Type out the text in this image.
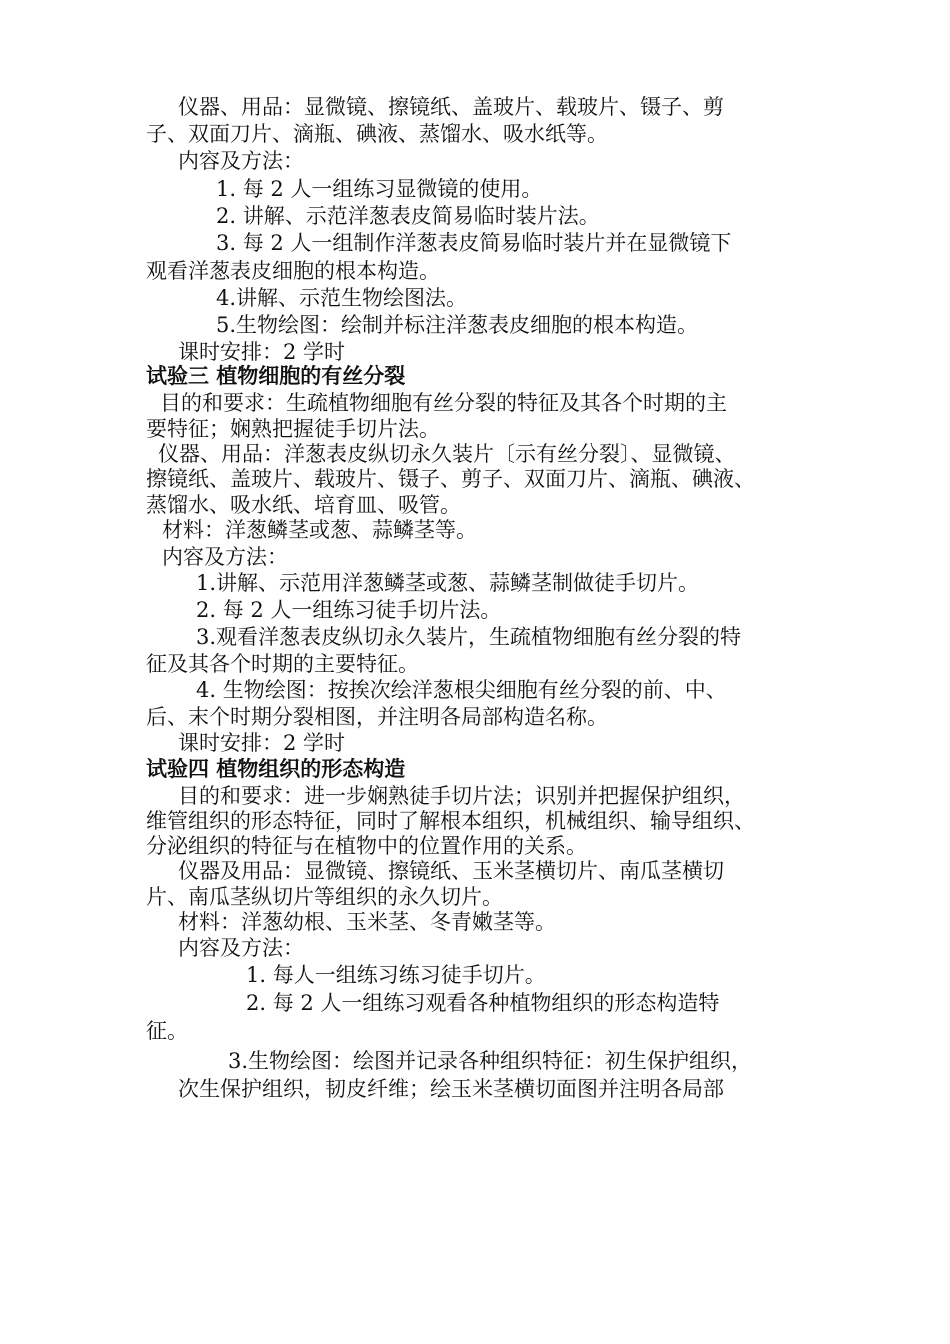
仪器、用品：显微镜、擦镜纸、盖玻片、载玻片、镊子、剪
子、双面刀片、滴瓶、碘液、蒸馏水、吸水纸等。
内容及方法：
1. 每 2 人一组练习显微镜的使用。
2. 讲解、示范洋葱表皮简易临时装片法。
3. 每 2 人一组制作洋葱表皮简易临时装片并在显微镜下
观看洋葱表皮细胞的根本构造。
4.讲解、示范生物绘图法。
5.生物绘图：绘制并标注洋葱表皮细胞的根本构造。
课时安排：2 学时
试验三 植物细胞的有丝分裂
目的和要求：生疏植物细胞有丝分裂的特征及其各个时期的主
要特征；娴熟把握徒手切片法。
仪器、用品：洋葱表皮纵切永久装片〔示有丝分裂〕、显微镜、
擦镜纸、盖玻片、载玻片、镊子、剪子、双面刀片、滴瓶、碘液、
蒸馏水、吸水纸、培育皿、吸管。
材料：洋葱鳞茎或葱、蒜鳞茎等。
内容及方法：
1.讲解、示范用洋葱鳞茎或葱、蒜鳞茎制做徒手切片。
2. 每 2 人一组练习徒手切片法。
3.观看洋葱表皮纵切永久装片，生疏植物细胞有丝分裂的特
征及其各个时期的主要特征。
4. 生物绘图：按挨次绘洋葱根尖细胞有丝分裂的前、中、
后、末个时期分裂相图，并注明各局部构造名称。
课时安排：2 学时
试验四 植物组织的形态构造
目的和要求：进一步娴熟徒手切片法；识别并把握保护组织，
维管组织的形态特征，同时了解根本组织，机械组织、输导组织、
分泌组织的特征与在植物中的位置作用的关系。
仪器及用品：显微镜、擦镜纸、玉米茎横切片、南瓜茎横切
片、南瓜茎纵切片等组织的永久切片。
材料：洋葱幼根、玉米茎、冬青嫩茎等。
内容及方法：
1. 每人一组练习练习徒手切片。
2. 每 2 人一组练习观看各种植物组织的形态构造特
征。
3.生物绘图：绘图并记录各种组织特征：初生保护组织，
次生保护组织，韧皮纤维；绘玉米茎横切面图并注明各局部
